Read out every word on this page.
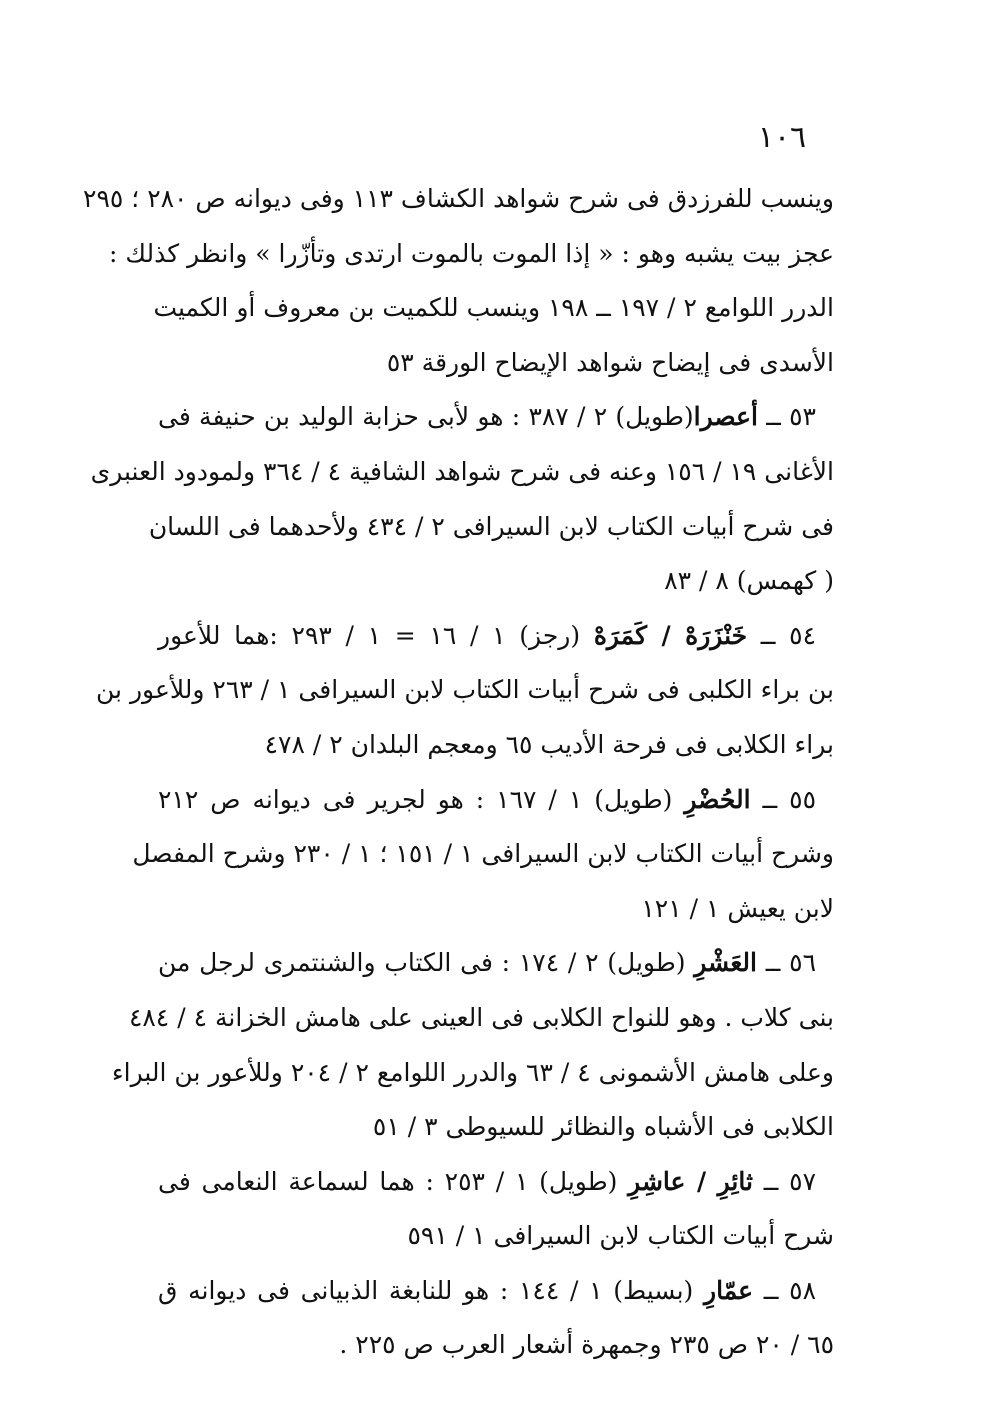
١٠٦
وينسب للفرزدق فى شرح شواهد الكشاف ١١٣ وفى ديوانه ص ٢٨٠ ؛ ٢٩٥
عجز بيت يشبه وهو : « إذا الموت بالموت ارتدى وتأزّرا » وانظر كذلك :
الدرر اللوامع ٢ / ١٩٧ ــ ١٩٨ وينسب للكميت بن معروف أو الكميت
الأسدى فى إيضاح شواهد الإيضاح الورقة ٥٣
٥٣ ــ أعصرا(طويل) ٢ / ٣٨٧ : هو لأبى حزابة الوليد بن حنيفة فى
الأغانى ١٩ / ١٥٦ وعنه فى شرح شواهد الشافية ٤ / ٣٦٤ ولمودود العنبرى
فى شرح أبيات الكتاب لابن السيرافى ٢ / ٤٣٤ ولأحدهما فى اللسان
( كهمس) ٨ / ٨٣
٥٤ ــ خَنْزَرَهْ / كَمَرَهْ (رجز) ١ / ١٦ = ١ / ٢٩٣ :هما للأعور
بن براء الكلبى فى شرح أبيات الكتاب لابن السيرافى ١ / ٢٦٣ وللأعور بن
براء الكلابى فى فرحة الأديب ٦٥ ومعجم البلدان ٢ / ٤٧٨
٥٥ ــ الحُضْرِ (طويل) ١ / ١٦٧ : هو لجرير فى ديوانه ص ٢١٢
وشرح أبيات الكتاب لابن السيرافى ١ / ١٥١ ؛ ١ / ٢٣٠ وشرح المفصل
لابن يعيش ١ / ١٢١
٥٦ ــ العَشْرِ (طويل) ٢ / ١٧٤ : فى الكتاب والشنتمرى لرجل من
بنى كلاب . وهو للنواح الكلابى فى العينى على هامش الخزانة ٤ / ٤٨٤
وعلى هامش الأشمونى ٤ / ٦٣ والدرر اللوامع ٢ / ٢٠٤ وللأعور بن البراء
الكلابى فى الأشباه والنظائر للسيوطى ٣ / ٥١
٥٧ ــ ثائِرِ / عاشِرِ (طويل) ١ / ٢٥٣ : هما لسماعة النعامى فى
شرح أبيات الكتاب لابن السيرافى ١ / ٥٩١
٥٨ ــ عمّارِ (بسيط) ١ / ١٤٤ : هو للنابغة الذبيانى فى ديوانه ق
٦٥ / ٢٠ ص ٢٣٥ وجمهرة أشعار العرب ص ٢٢٥ .
